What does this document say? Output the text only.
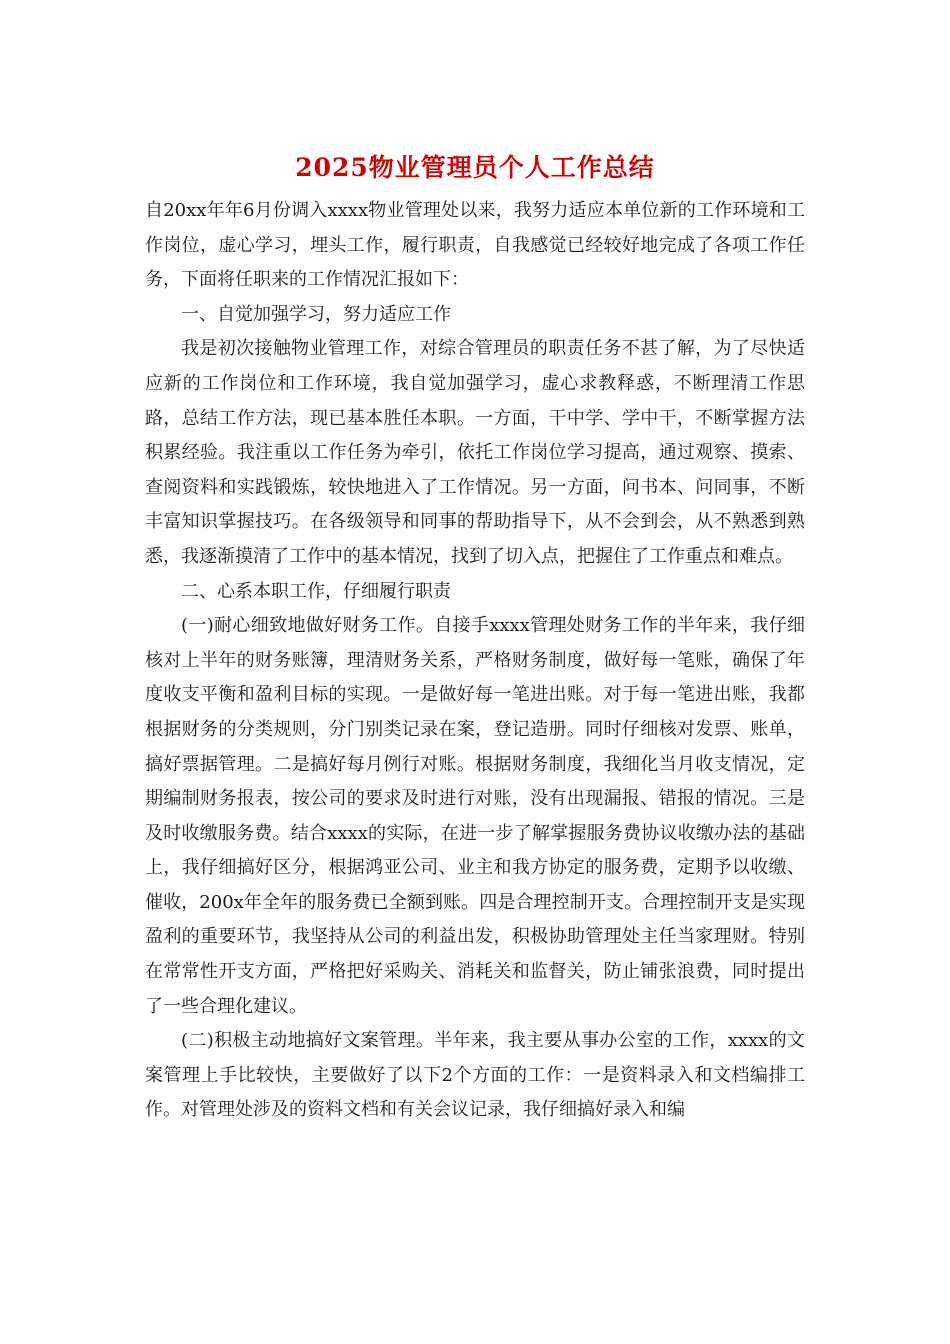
2025物业管理员个人工作总结

自20xx年年6月份调入xxxx物业管理处以来，我努力适应本单位新的工作环境和工作岗位，虚心学习，埋头工作，履行职责，自我感觉已经较好地完成了各项工作任务，下面将任职来的工作情况汇报如下：

一、自觉加强学习，努力适应工作

我是初次接触物业管理工作，对综合管理员的职责任务不甚了解，为了尽快适应新的工作岗位和工作环境，我自觉加强学习，虚心求教释惑，不断理清工作思路，总结工作方法，现已基本胜任本职。一方面，干中学、学中干，不断掌握方法积累经验。我注重以工作任务为牵引，依托工作岗位学习提高，通过观察、摸索、查阅资料和实践锻炼，较快地进入了工作情况。另一方面，问书本、问同事，不断丰富知识掌握技巧。在各级领导和同事的帮助指导下，从不会到会，从不熟悉到熟悉，我逐渐摸清了工作中的基本情况，找到了切入点，把握住了工作重点和难点。

二、心系本职工作，仔细履行职责

(一)耐心细致地做好财务工作。自接手xxxx管理处财务工作的半年来，我仔细核对上半年的财务账簿，理清财务关系，严格财务制度，做好每一笔账，确保了年度收支平衡和盈利目标的实现。一是做好每一笔进出账。对于每一笔进出账，我都根据财务的分类规则，分门别类记录在案，登记造册。同时仔细核对发票、账单，搞好票据管理。二是搞好每月例行对账。根据财务制度，我细化当月收支情况，定期编制财务报表，按公司的要求及时进行对账，没有出现漏报、错报的情况。三是及时收缴服务费。结合xxxx的实际，在进一步了解掌握服务费协议收缴办法的基础上，我仔细搞好区分，根据鸿亚公司、业主和我方协定的服务费，定期予以收缴、催收，200x年全年的服务费已全额到账。四是合理控制开支。合理控制开支是实现盈利的重要环节，我坚持从公司的利益出发，积极协助管理处主任当家理财。特别在常常性开支方面，严格把好采购关、消耗关和监督关，防止铺张浪费，同时提出了一些合理化建议。

(二)积极主动地搞好文案管理。半年来，我主要从事办公室的工作，xxxx的文案管理上手比较快，主要做好了以下2个方面的工作：一是资料录入和文档编排工作。对管理处涉及的资料文档和有关会议记录，我仔细搞好录入和编
